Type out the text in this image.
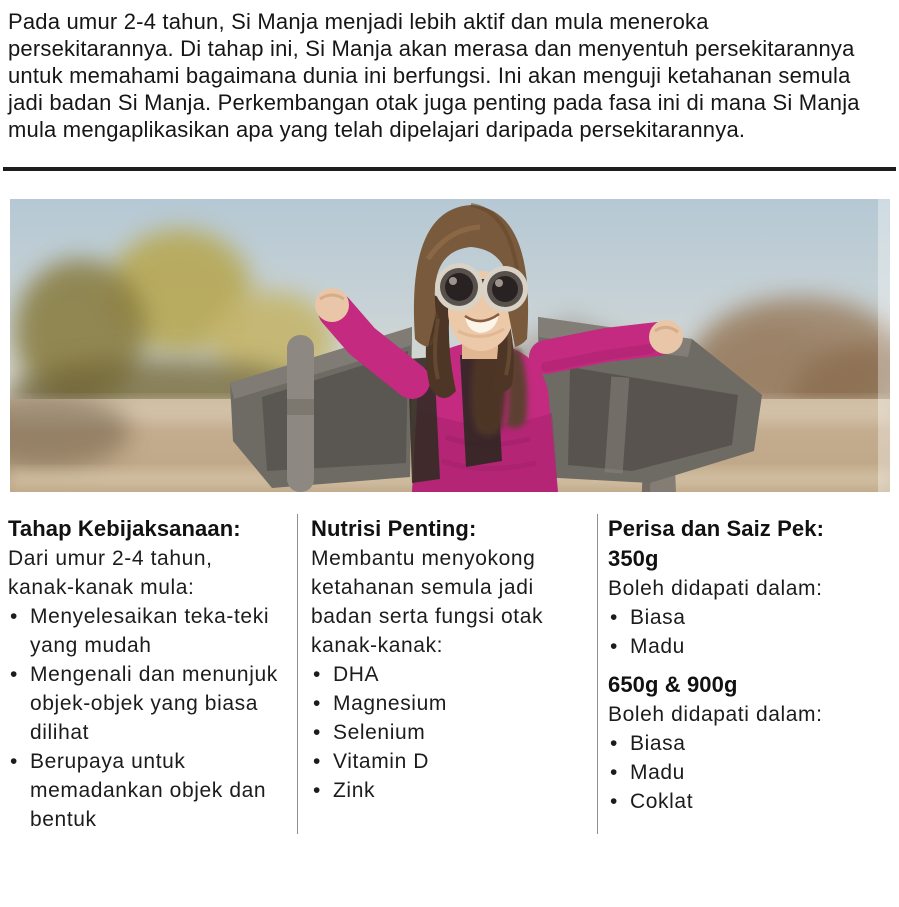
Pada umur 2-4 tahun, Si Manja menjadi lebih aktif dan mula meneroka persekitarannya. Di tahap ini, Si Manja akan merasa dan menyentuh persekitarannya untuk memahami bagaimana dunia ini berfungsi. Ini akan menguji ketahanan semula jadi badan Si Manja. Perkembangan otak juga penting pada fasa ini di mana Si Manja mula mengaplikasikan apa yang telah dipelajari daripada persekitarannya.

Tahap Kebijaksanaan:

Dari umur 2-4 tahun, kanak-kanak mula:

• Menyelesaikan teka-teki yang mudah
• Mengenali dan menunjuk objek-objek yang biasa dilihat
• Berupaya untuk memadankan objek dan bentuk
Nutrisi Penting:

Membantu menyokong ketahanan semula jadi badan serta fungsi otak kanak-kanak:

• DHA
• Magnesium
• Selenium
• Vitamin D
• Zink
Perisa dan Saiz Pek:
350g

Boleh didapati dalam:

• Biasa
• Madu
650g & 900g

Boleh didapati dalam:

• Biasa
• Madu
• Coklat
